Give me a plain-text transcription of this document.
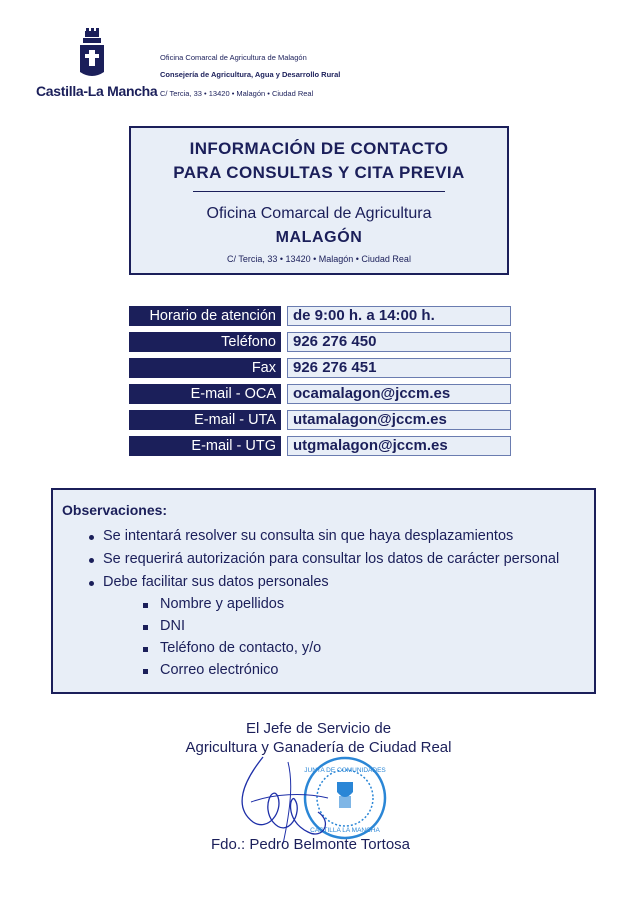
Castilla-La Mancha
Oficina Comarcal de Agricultura de Malagón
Consejería de Agricultura, Agua y Desarrollo Rural
C/ Tercia, 33 • 13420 • Malagón • Ciudad Real
INFORMACIÓN DE CONTACTO
PARA CONSULTAS Y CITA PREVIA
Oficina Comarcal de Agricultura
MALAGÓN
C/ Tercia, 33 • 13420 • Malagón • Ciudad Real
Horario de atención	de 9:00 h. a 14:00 h.
Teléfono	926 276 450
Fax	926 276 451
E-mail - OCA	ocamalagon@jccm.es
E-mail - UTA	utamalagon@jccm.es
E-mail - UTG	utgmalagon@jccm.es
Observaciones:
Se intentará resolver su consulta sin que haya desplazamientos
Se requerirá autorización para consultar los datos de carácter personal
Debe facilitar sus datos personales
Nombre y apellidos
DNI
Teléfono de contacto, y/o
Correo electrónico
El Jefe de Servicio de
Agricultura y Ganadería de Ciudad Real
JUNTA DE COMUNIDADES
CASTILLA LA MANCHA
Fdo.: Pedro Belmonte Tortosa
